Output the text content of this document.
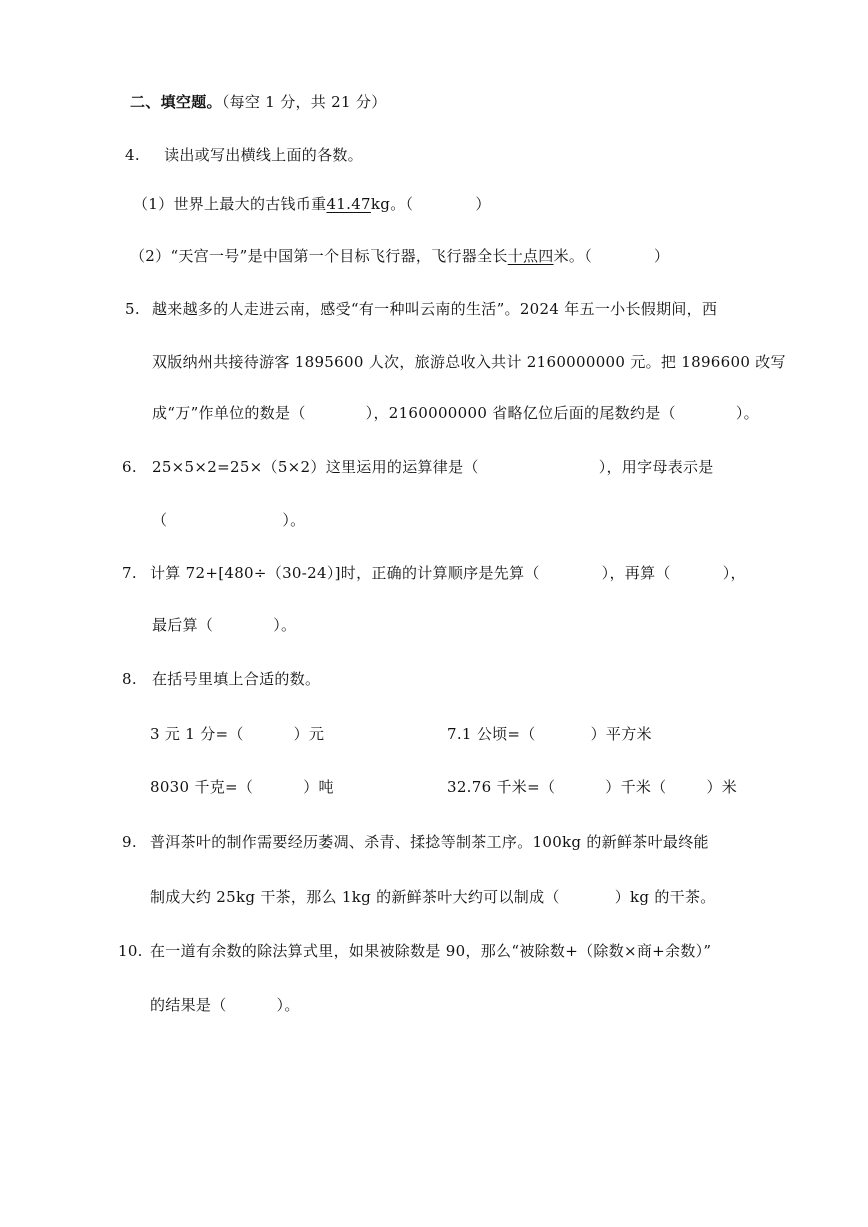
二、填空题。（每空 1 分，共 21 分）
4. 读出或写出横线上面的各数。
（1）世界上最大的古钱币重41.47kg。（	）
（2）“天宫一号”是中国第一个目标飞行器，飞行器全长十点四米。（	）
5. 越来越多的人走进云南，感受“有一种叫云南的生活”。2024 年五一小长假期间，西
双版纳州共接待游客 1895600 人次，旅游总收入共计 2160000000 元。把 1896600 改写
成“万”作单位的数是（	），2160000000 省略亿位后面的尾数约是（	）。
6. 25×5×2=25×（5×2）这里运用的运算律是（	），用字母表示是
（	）。
7. 计算 72+[480÷（30-24）]时，正确的计算顺序是先算（	），再算（	），
最后算（	）。
8. 在括号里填上合适的数。
3 元 1 分=（	）元	7.1 公顷=（	）平方米
8030 千克=（	）吨	32.76 千米=（	）千米（	）米
9. 普洱茶叶的制作需要经历萎凋、杀青、揉捻等制茶工序。100kg 的新鲜茶叶最终能
制成大约 25kg 干茶，那么 1kg 的新鲜茶叶大约可以制成（	）kg 的干茶。
10. 在一道有余数的除法算式里，如果被除数是 90，那么“被除数+（除数×商+余数）”
的结果是（	）。
